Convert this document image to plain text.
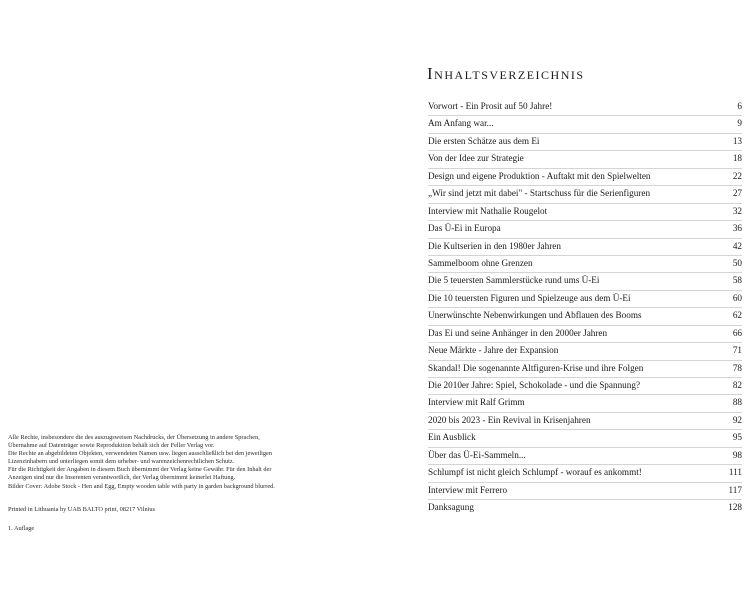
Inhaltsverzeichnis
Vorwort - Ein Prosit auf 50 Jahre!	6
Am Anfang war...	9
Die ersten Schätze aus dem Ei	13
Von der Idee zur Strategie	18
Design und eigene Produktion - Auftakt mit den Spielwelten	22
„Wir sind jetzt mit dabei" - Startschuss für die Serienfiguren	27
Interview mit Nathalie Rougelot	32
Das Ü-Ei in Europa	36
Die Kultserien in den 1980er Jahren	42
Sammelboom ohne Grenzen	50
Die 5 teuersten Sammlerstücke rund ums Ü-Ei	58
Die 10 teuersten Figuren und Spielzeuge aus dem Ü-Ei	60
Unerwünschte Nebenwirkungen und Abflauen des Booms	62
Das Ei und seine Anhänger in den 2000er Jahren	66
Neue Märkte - Jahre der Expansion	71
Skandal! Die sogenannte Altfiguren-Krise und ihre Folgen	78
Die 2010er Jahre: Spiel, Schokolade - und die Spannung?	82
Interview mit Ralf Grimm	88
2020 bis 2023 - Ein Revival in Krisenjahren	92
Ein Ausblick	95
Über das Ü-Ei-Sammeln...	98
Schlumpf ist nicht gleich Schlumpf - worauf es ankommt!	111
Interview mit Ferrero	117
Danksagung	128
Alle Rechte, insbesondere die des auszugsweisen Nachdrucks, der Übersetzung in andere Sprachen,
Übernahme auf Datenträger sowie Reproduktion behält sich der Feller Verlag vor.
Die Rechte an abgebildeten Objekten, verwendeten Namen usw. liegen ausschließlich bei den jeweiligen
Lizenzinhabern und unterliegen somit dem urheber- und warenzeichenrechtlichen Schutz.
Für die Richtigkeit der Angaben in diesem Buch übernimmt der Verlag keine Gewähr. Für den Inhalt der
Anzeigen sind nur die Inserenten verantwortlich, der Verlag übernimmt keinerlei Haftung.
Bilder Cover: Adobe Stock - Hen and Egg, Empty wooden table with party in garden background blurred.
Printed in Lithuania by UAB BALTO print, 08217 Vilnius
1. Auflage
